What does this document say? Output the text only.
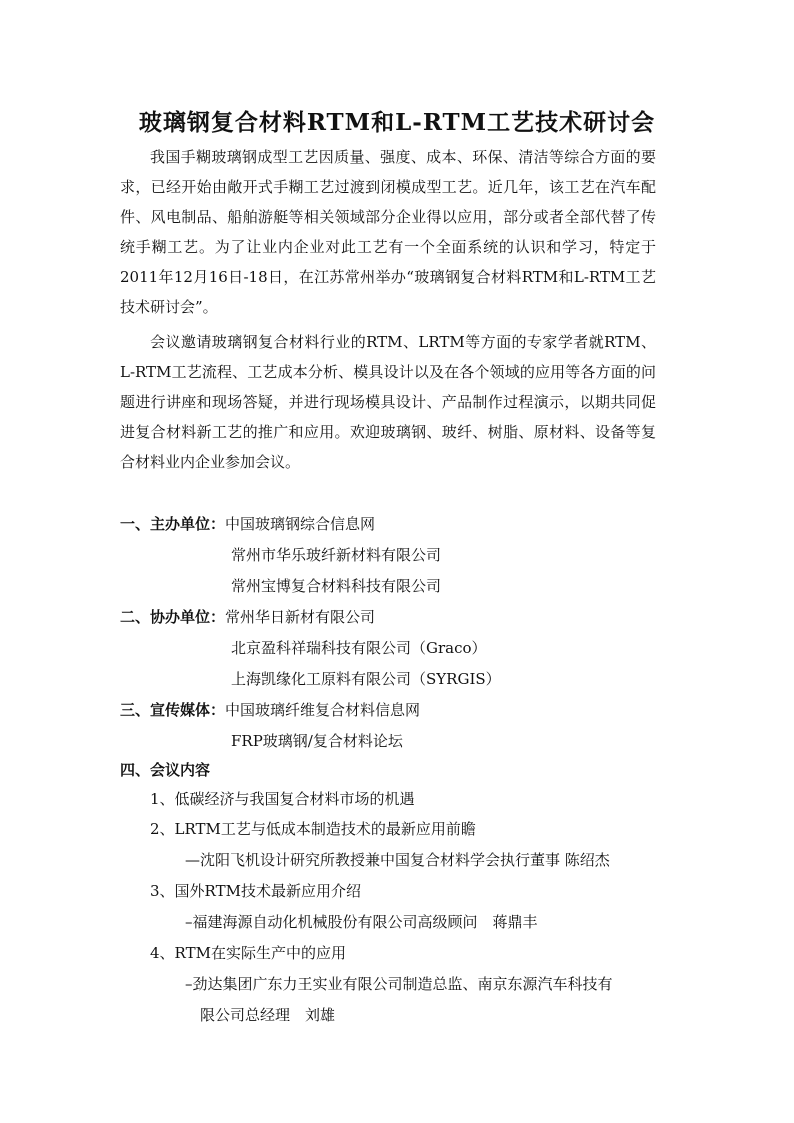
玻璃钢复合材料RTM和L-RTM工艺技术研讨会
我国手糊玻璃钢成型工艺因质量、强度、成本、环保、清洁等综合方面的要求，已经开始由敞开式手糊工艺过渡到闭模成型工艺。近几年，该工艺在汽车配件、风电制品、船舶游艇等相关领域部分企业得以应用，部分或者全部代替了传统手糊工艺。为了让业内企业对此工艺有一个全面系统的认识和学习，特定于2011年12月16日-18日，在江苏常州举办“玻璃钢复合材料RTM和L-RTM工艺技术研讨会”。
会议邀请玻璃钢复合材料行业的RTM、LRTM等方面的专家学者就RTM、L-RTM工艺流程、工艺成本分析、模具设计以及在各个领域的应用等各方面的问题进行讲座和现场答疑，并进行现场模具设计、产品制作过程演示，以期共同促进复合材料新工艺的推广和应用。欢迎玻璃钢、玻纤、树脂、原材料、设备等复合材料业内企业参加会议。
一、主办单位：中国玻璃钢综合信息网
常州市华乐玻纤新材料有限公司
常州宝博复合材料科技有限公司
二、协办单位：常州华日新材有限公司
北京盈科祥瑞科技有限公司（Graco）
上海凯缘化工原料有限公司（SYRGIS）
三、宣传媒体：中国玻璃纤维复合材料信息网
FRP玻璃钢/复合材料论坛
四、会议内容
1、低碳经济与我国复合材料市场的机遇
2、LRTM工艺与低成本制造技术的最新应用前瞻
—沈阳飞机设计研究所教授兼中国复合材料学会执行董事 陈绍杰
3、国外RTM技术最新应用介绍
–福建海源自动化机械股份有限公司高级顾问　蒋鼎丰
4、RTM在实际生产中的应用
–劲达集团广东力王实业有限公司制造总监、南京东源汽车科技有
限公司总经理　刘雄
